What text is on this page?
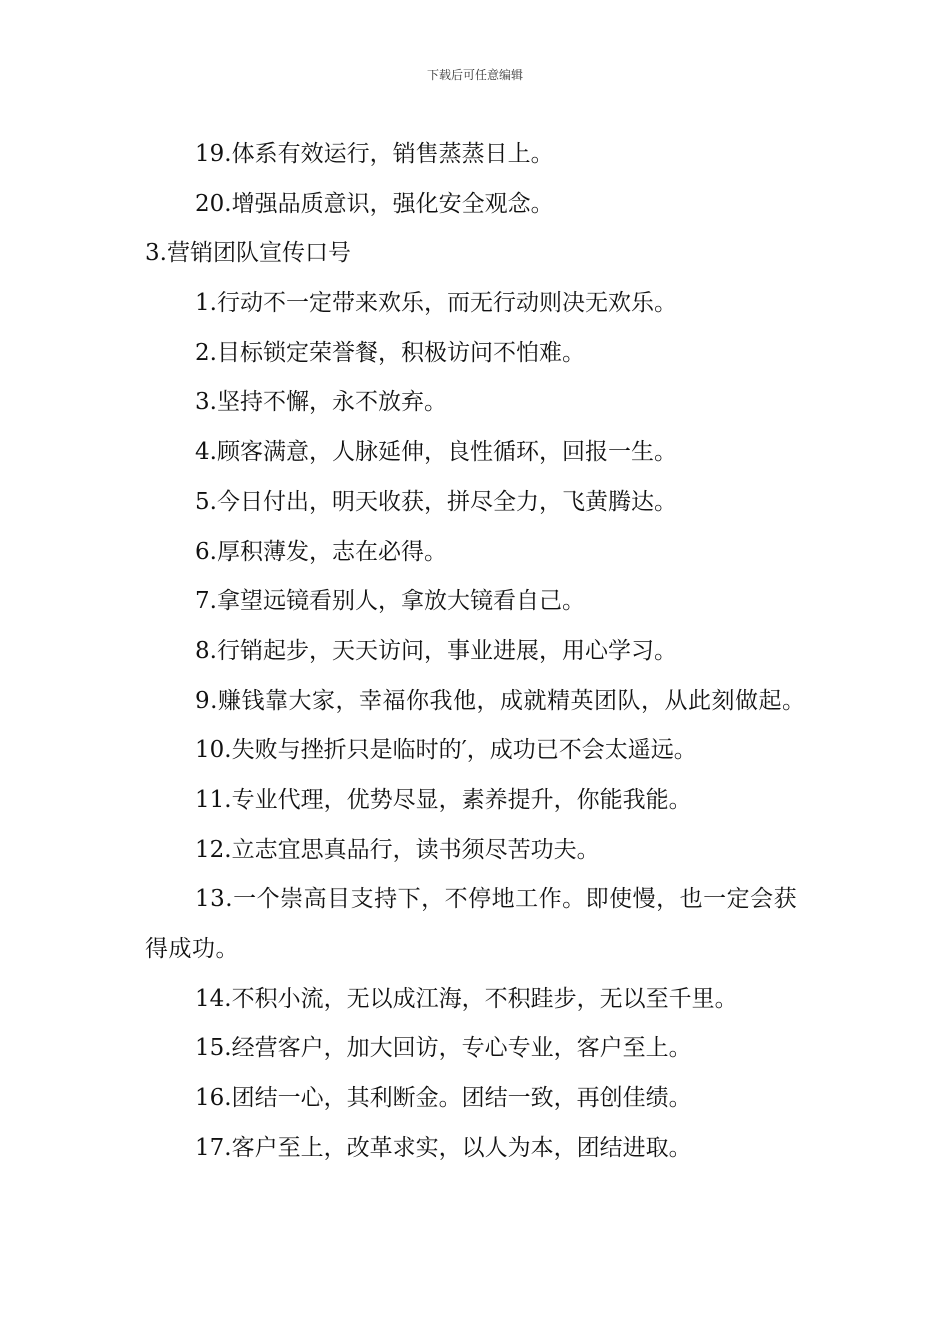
下载后可任意编辑
19.体系有效运行，销售蒸蒸日上。
20.增强品质意识，强化安全观念。
3.营销团队宣传口号
1.行动不一定带来欢乐，而无行动则决无欢乐。
2.目标锁定荣誉餐，积极访问不怕难。
3.坚持不懈，永不放弃。
4.顾客满意，人脉延伸，良性循环，回报一生。
5.今日付出，明天收获，拼尽全力，飞黄腾达。
6.厚积薄发，志在必得。
7.拿望远镜看别人，拿放大镜看自己。
8.行销起步，天天访问，事业进展，用心学习。
9.赚钱靠大家，幸福你我他，成就精英团队，从此刻做起。
10.失败与挫折只是临时的′，成功已不会太遥远。
11.专业代理，优势尽显，素养提升，你能我能。
12.立志宜思真品行，读书须尽苦功夫。
13.一个崇高目支持下，不停地工作。即使慢，也一定会获得成功。
14.不积小流，无以成江海，不积跬步，无以至千里。
15.经营客户，加大回访，专心专业，客户至上。
16.团结一心，其利断金。团结一致，再创佳绩。
17.客户至上，改革求实，以人为本，团结进取。
